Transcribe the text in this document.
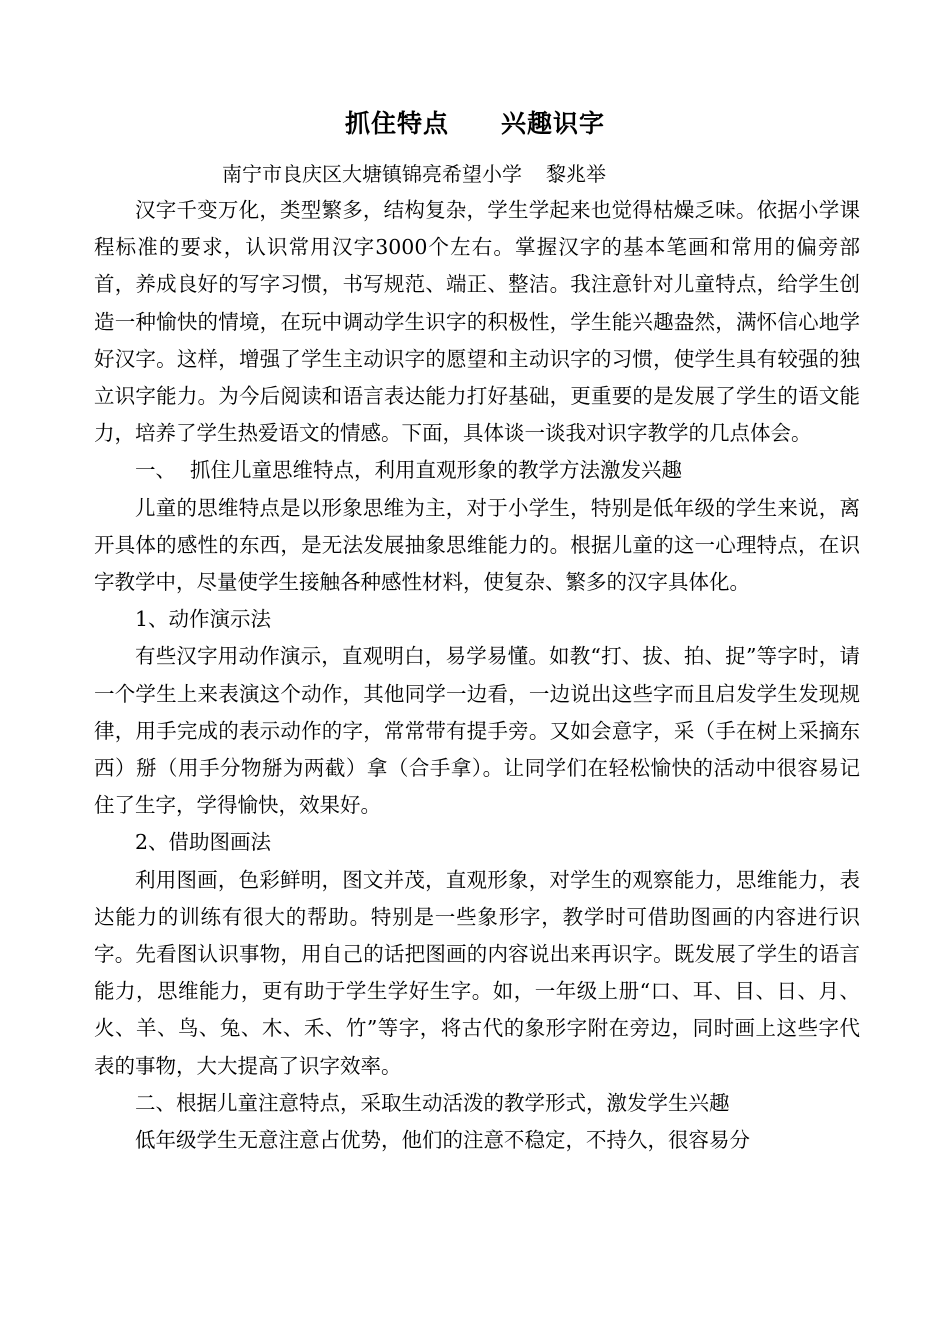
抓住特点 兴趣识字
南宁市良庆区大塘镇锦亮希望小学 黎兆举

汉字千变万化，类型繁多，结构复杂，学生学起来也觉得枯燥乏味。依据小学课程标准的要求，认识常用汉字3000个左右。掌握汉字的基本笔画和常用的偏旁部首，养成良好的写字习惯，书写规范、端正、整洁。我注意针对儿童特点，给学生创造一种愉快的情境，在玩中调动学生识字的积极性，学生能兴趣盎然，满怀信心地学好汉字。这样，增强了学生主动识字的愿望和主动识字的习惯，使学生具有较强的独立识字能力。为今后阅读和语言表达能力打好基础，更重要的是发展了学生的语文能力，培养了学生热爱语文的情感。下面，具体谈一谈我对识字教学的几点体会。

一、 抓住儿童思维特点，利用直观形象的教学方法激发兴趣

儿童的思维特点是以形象思维为主，对于小学生，特别是低年级的学生来说，离开具体的感性的东西，是无法发展抽象思维能力的。根据儿童的这一心理特点，在识字教学中，尽量使学生接触各种感性材料，使复杂、繁多的汉字具体化。

1、动作演示法

有些汉字用动作演示，直观明白，易学易懂。如教“打、拔、拍、捉”等字时，请一个学生上来表演这个动作，其他同学一边看，一边说出这些字而且启发学生发现规律，用手完成的表示动作的字，常常带有提手旁。又如会意字，采（手在树上采摘东西）掰（用手分物掰为两截）拿（合手拿）。让同学们在轻松愉快的活动中很容易记住了生字，学得愉快，效果好。

2、借助图画法

利用图画，色彩鲜明，图文并茂，直观形象，对学生的观察能力，思维能力，表达能力的训练有很大的帮助。特别是一些象形字，教学时可借助图画的内容进行识字。先看图认识事物，用自己的话把图画的内容说出来再识字。既发展了学生的语言能力，思维能力，更有助于学生学好生字。如，一年级上册“口、耳、目、日、月、火、羊、鸟、兔、木、禾、竹”等字，将古代的象形字附在旁边，同时画上这些字代表的事物，大大提高了识字效率。

二、根据儿童注意特点，采取生动活泼的教学形式，激发学生兴趣

低年级学生无意注意占优势，他们的注意不稳定，不持久，很容易分
